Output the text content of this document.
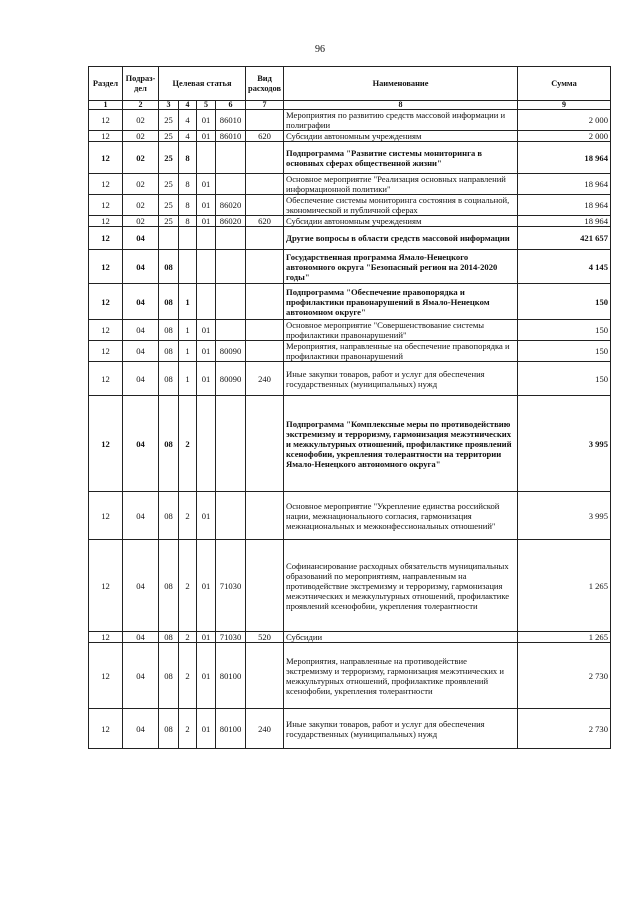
96
Раздел	Подраз-дел	Целевая статья				Вид расходов	Наименование	Сумма
1	2	3	4	5	6	7	8	9
12	02	25	4	01	86010		Мероприятия по развитию средств массовой информации и полиграфии	2 000
12	02	25	4	01	86010	620	Субсидии автономным учреждениям	2 000
12	02	25	8				Подпрограмма "Развитие системы мониторинга в основных сферах общественной жизни"	18 964
12	02	25	8	01			Основное мероприятие "Реализация основных направлений информационной политики"	18 964
12	02	25	8	01	86020		Обеспечение системы мониторинга состояния в социальной, экономической и публичной сферах	18 964
12	02	25	8	01	86020	620	Субсидии автономным учреждениям	18 964
12	04						Другие вопросы в области средств массовой информации	421 657
12	04	08					Государственная программа Ямало-Ненецкого автономного округа "Безопасный регион на 2014-2020 годы"	4 145
12	04	08	1				Подпрограмма "Обеспечение правопорядка и профилактики правонарушений в Ямало-Ненецком автономном округе"	150
12	04	08	1	01			Основное мероприятие "Совершенствование системы профилактики правонарушений"	150
12	04	08	1	01	80090		Мероприятия, направленные на обеспечение правопорядка и профилактики правонарушений	150
12	04	08	1	01	80090	240	Иные закупки товаров, работ и услуг для обеспечения государственных (муниципальных) нужд	150
12	04	08	2				Подпрограмма "Комплексные меры по противодействию экстремизму и терроризму, гармонизация межэтнических и межкультурных отношений, профилактике проявлений ксенофобии, укрепления толерантности на территории Ямало-Ненецкого автономного округа"	3 995
12	04	08	2	01			Основное мероприятие "Укрепление единства российской нации, межнационального согласия, гармонизация межнациональных и межконфессиональных отношений"	3 995
12	04	08	2	01	71030		Софинансирование расходных обязательств муниципальных образований по мероприятиям, направленным на противодействие экстремизму и терроризму, гармонизация межэтнических и межкультурных отношений, профилактике проявлений ксенофобии, укрепления толерантности	1 265
12	04	08	2	01	71030	520	Субсидии	1 265
12	04	08	2	01	80100		Мероприятия, направленные на противодействие экстремизму и терроризму, гармонизация межэтнических и межкультурных отношений, профилактике проявлений ксенофобии, укрепления толерантности	2 730
12	04	08	2	01	80100	240	Иные закупки товаров, работ и услуг для обеспечения государственных (муниципальных) нужд	2 730
